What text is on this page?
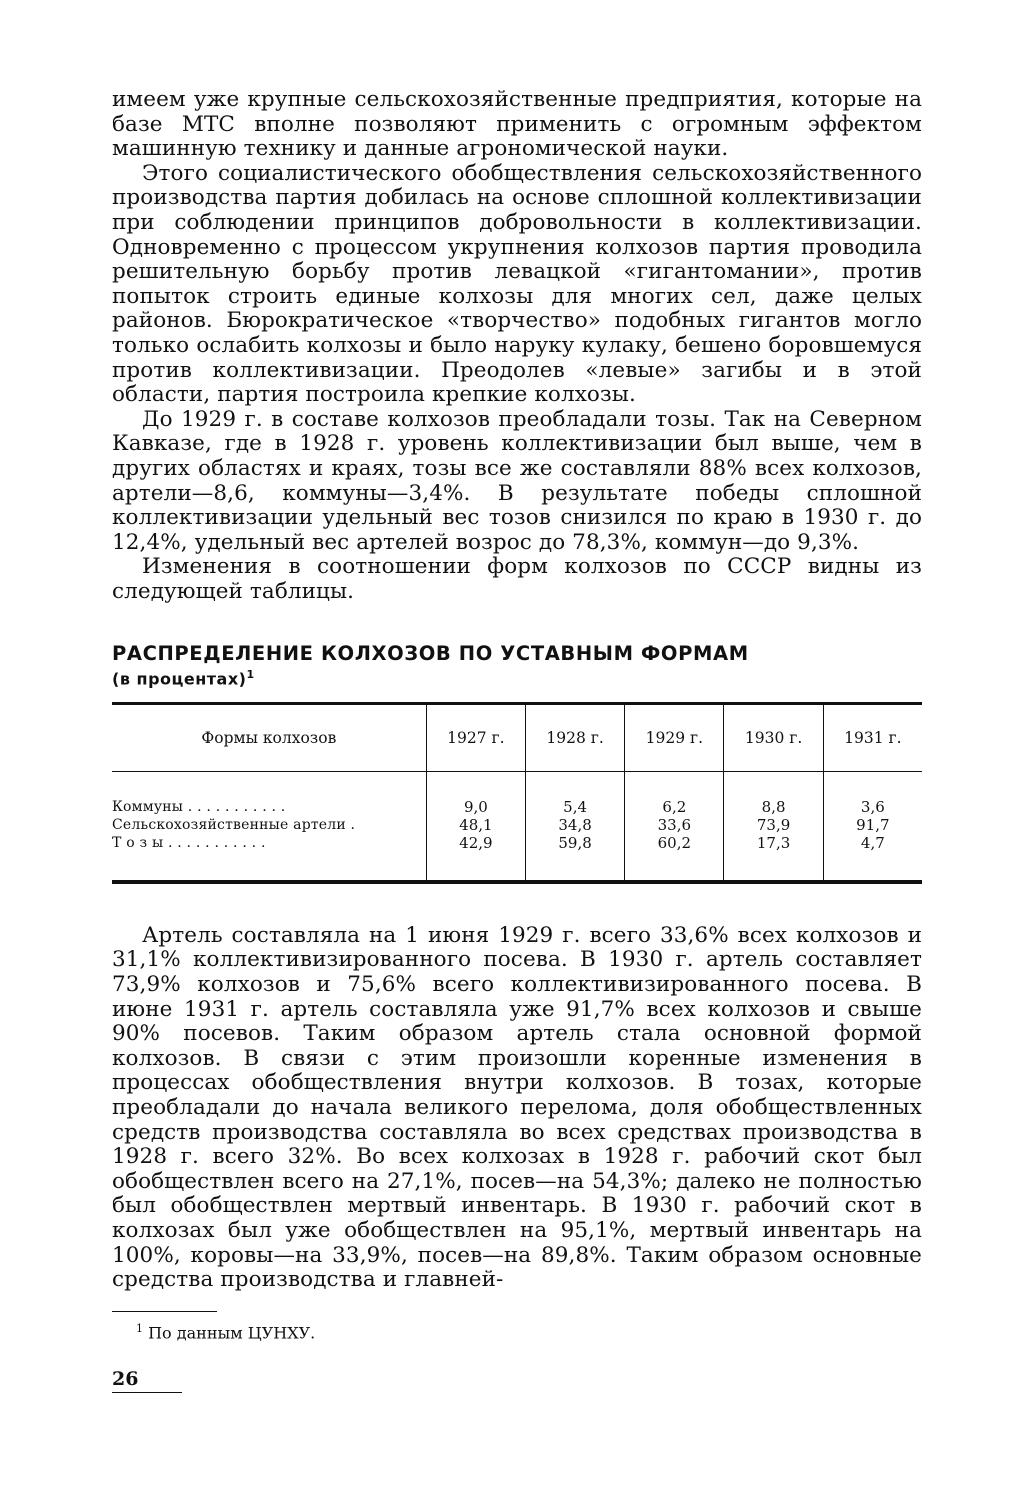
имеем уже крупные сельскохозяйственные предприятия, которые на базе МТС вполне позволяют применить с огромным эффектом машинную технику и данные агрономической науки.

Этого социалистического обобществления сельскохозяйственного производства партия добилась на основе сплошной коллективизации при соблюдении принципов добровольности в коллективизации. Одновременно с процессом укрупнения колхозов партия проводила решительную борьбу против левацкой «гигантомании», против попыток строить единые колхозы для многих сел, даже целых районов. Бюрократическое «творчество» подобных гигантов могло только ослабить колхозы и было наруку кулаку, бешено боровшемуся против коллективизации. Преодолев «левые» загибы и в этой области, партия построила крепкие колхозы.

До 1929 г. в составе колхозов преобладали тозы. Так на Северном Кавказе, где в 1928 г. уровень коллективизации был выше, чем в других областях и краях, тозы все же составляли 88% всех колхозов, артели—8,6, коммуны—3,4%. В результате победы сплошной коллективизации удельный вес тозов снизился по краю в 1930 г. до 12,4%, удельный вес артелей возрос до 78,3%, коммун—до 9,3%.

Изменения в соотношении форм колхозов по СССР видны из следующей таблицы.

РАСПРЕДЕЛЕНИЕ КОЛХОЗОВ ПО УСТАВНЫМ ФОРМАМ
(в процентах)$^1$
Формы колхозов	1927 г.	1928 г.	1929 г.	1930 г.	1931 г.

Коммуны . . . . . . . . . . .	9,0	5,4	6,2	8,8	3,6
Сельскохозяйственные артели .	48,1	34,8	33,6	73,9	91,7
Т о з ы . . . . . . . . . . .	42,9	59,8	60,2	17,3	4,7

Артель составляла на 1 июня 1929 г. всего 33,6% всех колхозов и 31,1% коллективизированного посева. В 1930 г. артель составляет 73,9% колхозов и 75,6% всего коллективизированного посева. В июне 1931 г. артель составляла уже 91,7% всех колхозов и свыше 90% посевов. Таким образом артель стала основной формой колхозов. В связи с этим произошли коренные изменения в процессах обобществления внутри колхозов. В тозах, которые преобладали до начала великого перелома, доля обобществленных средств производства составляла во всех средствах производства в 1928 г. всего 32%. Во всех колхозах в 1928 г. рабочий скот был обобществлен всего на 27,1%, посев—на 54,3%; далеко не полностью был обобществлен мертвый инвентарь. В 1930 г. рабочий скот в колхозах был уже обобществлен на 95,1%, мертвый инвентарь на 100%, коровы—на 33,9%, посев—на 89,8%. Таким образом основные средства производства и главней-

$^1$ По данным ЦУНХУ.
26
